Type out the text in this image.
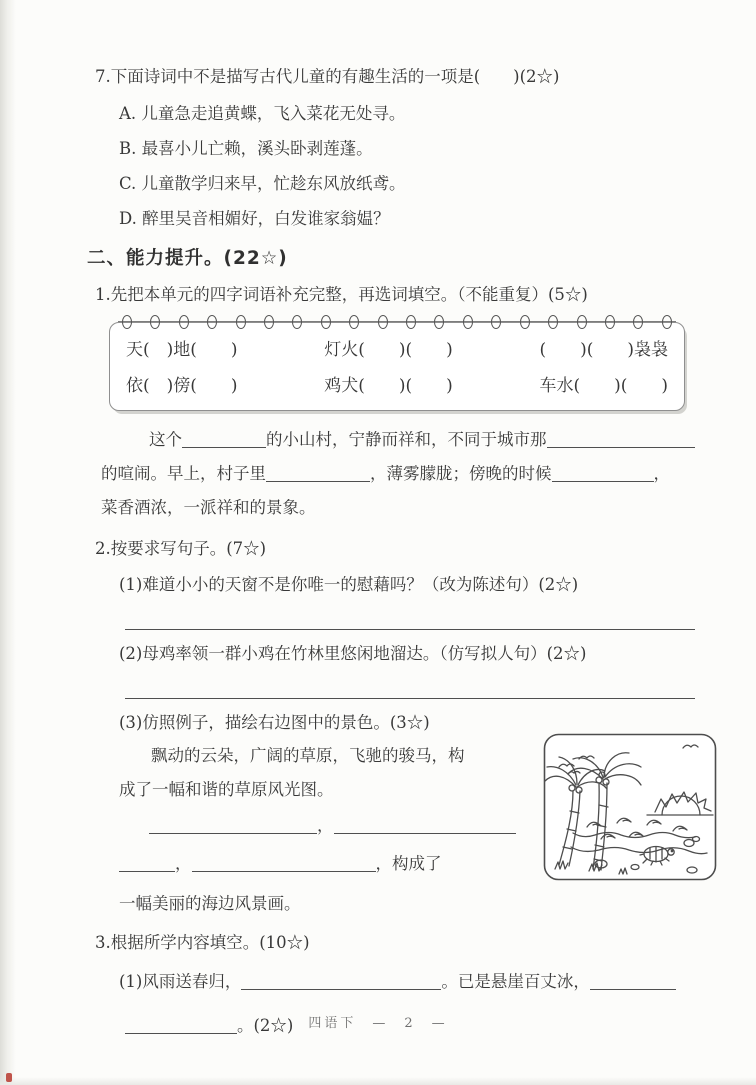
7.下面诗词中不是描写古代儿童的有趣生活的一项是(　　)(2☆)
A. 儿童急走追黄蝶，飞入菜花无处寻。
B. 最喜小儿亡赖，溪头卧剥莲蓬。
C. 儿童散学归来早，忙趁东风放纸鸢。
D. 醉里吴音相媚好，白发谁家翁媪？
二、能力提升。(22☆)
1.先把本单元的四字词语补充完整，再选词填空。（不能重复）(5☆)
天(　)地(　　)	灯火(　　)(　　)	(　　)(　　)袅袅
依(　)傍(　　)	鸡犬(　　)(　　)	车水(　　)(　　)
这个	的小山村，宁静而祥和，不同于城市那
的喧闹。早上，村子里	，薄雾朦胧；傍晚的时候	，
菜香酒浓，一派祥和的景象。
2.按要求写句子。(7☆)
(1)难道小小的天窗不是你唯一的慰藉吗？（改为陈述句）(2☆)
(2)母鸡率领一群小鸡在竹林里悠闲地溜达。（仿写拟人句）(2☆)
(3)仿照例子，描绘右边图中的景色。(3☆)
飘动的云朵，广阔的草原，飞驰的骏马，构
成了一幅和谐的草原风光图。
，
，	，构成了
一幅美丽的海边风景画。
3.根据所学内容填空。(10☆)
(1)风雨送春归，	。已是悬崖百丈冰，
。(2☆)	四语下　—　2　—
